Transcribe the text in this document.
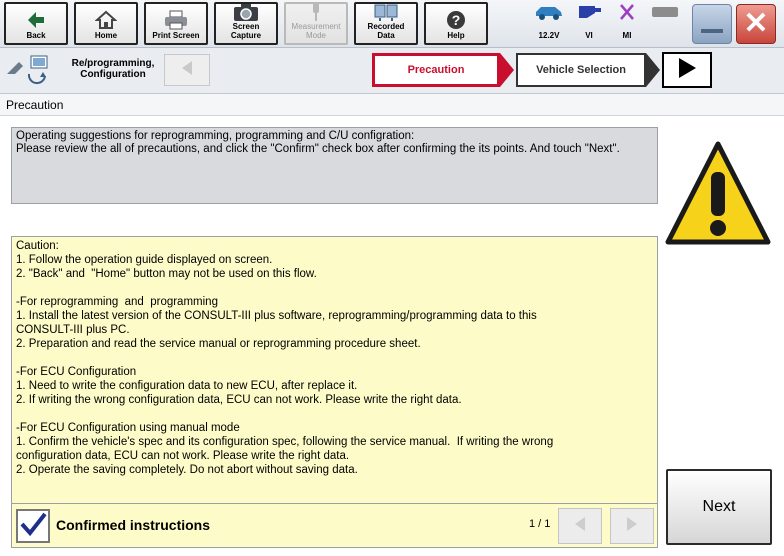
Back	Home	Print Screen
Screen
Capture
Measurement
Mode
Recorded
Data
?
Help	12.2V	VI	MI	✕
Re/programming,
Configuration	Precaution	Vehicle Selection
Precaution
Operating suggestions for reprogramming, programming and C/U configration:
Please review the all of precautions, and click the "Confirm" check box after confirming the its points. And touch "Next".
Caution:
1. Follow the operation guide displayed on screen.
2. "Back" and  "Home" button may not be used on this flow.
-For reprogramming  and  programming
1. Install the latest version of the CONSULT-III plus software, reprogramming/programming data to this
CONSULT-III plus PC.
2. Preparation and read the service manual or reprogramming procedure sheet.
-For ECU Configuration
1. Need to write the configuration data to new ECU, after replace it.
2. If writing the wrong configuration data, ECU can not work. Please write the right data.
-For ECU Configuration using manual mode
1. Confirm the vehicle's spec and its configuration spec, following the service manual.  If writing the wrong
configuration data, ECU can not work. Please write the right data.
2. Operate the saving completely. Do not abort without saving data.
Confirmed instructions	1 / 1
Next
